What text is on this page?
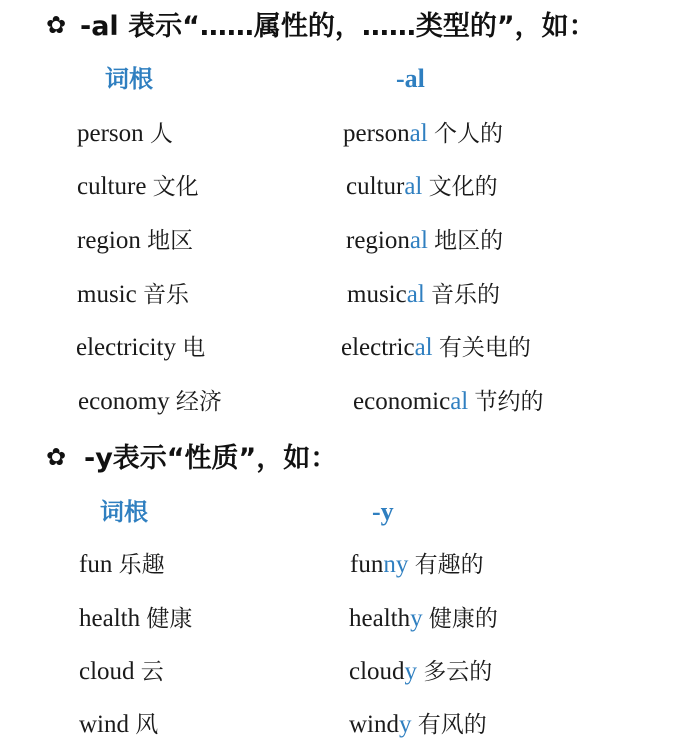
✿ -al 表示“……属性的，……类型的”，如：
词根	-al
person 人	personal 个人的
culture 文化	cultural 文化的
region 地区	regional 地区的
music 音乐	musical 音乐的
electricity 电	electrical 有关电的
economy 经济	economical 节约的
✿ -y表示“性质”，如：
词根	-y
fun 乐趣	funny 有趣的
health 健康	healthy 健康的
cloud 云	cloudy 多云的
wind 风	windy 有风的
